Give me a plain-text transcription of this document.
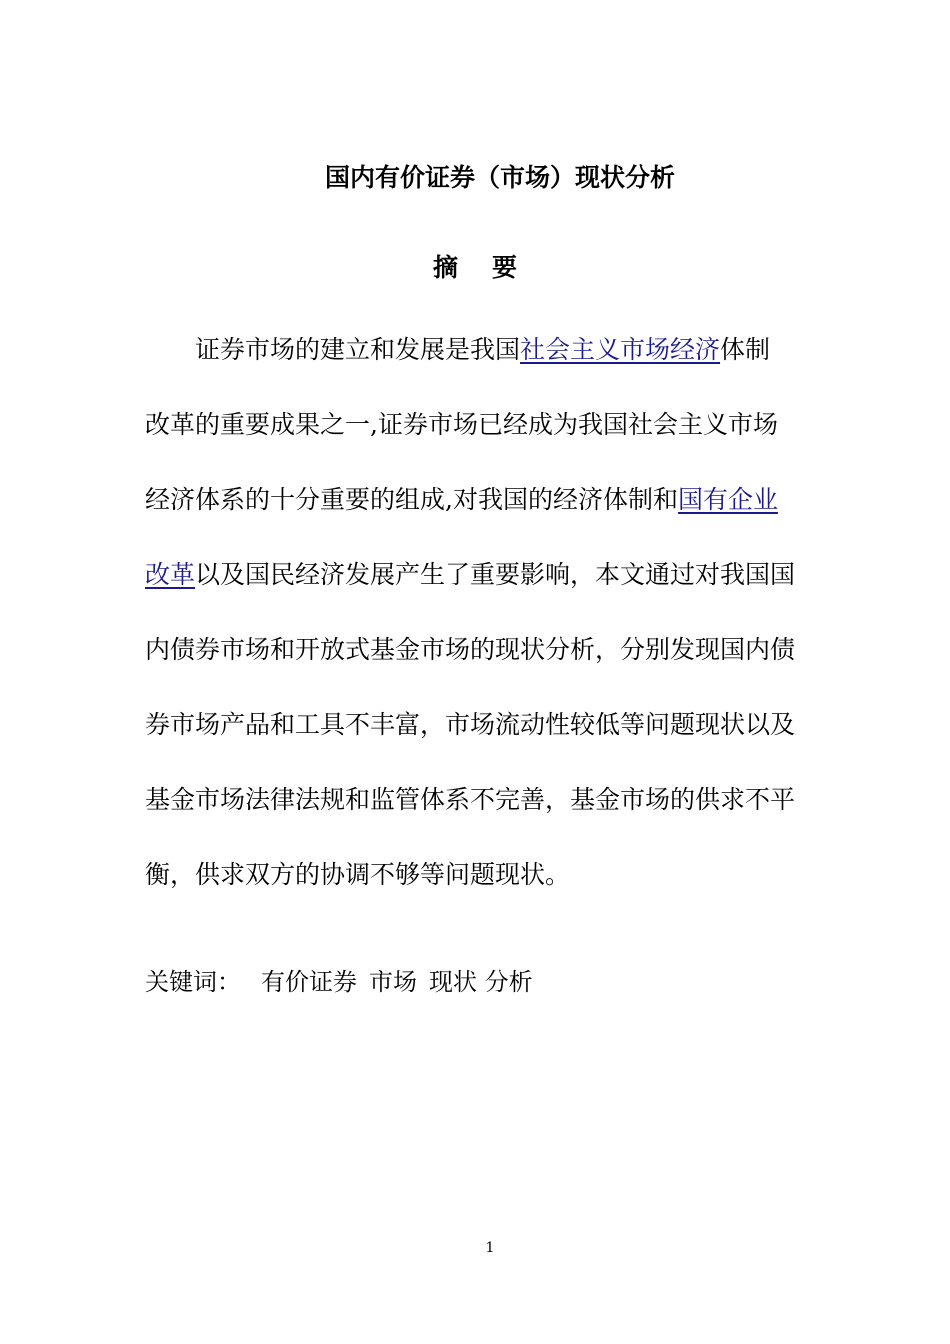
国内有价证券（市场）现状分析
摘 要
证券市场的建立和发展是我国社会主义市场经济体制
改革的重要成果之一,证券市场已经成为我国社会主义市场
经济体系的十分重要的组成,对我国的经济体制和国有企业
改革以及国民经济发展产生了重要影响，本文通过对我国国
内债券市场和开放式基金市场的现状分析，分别发现国内债
券市场产品和工具不丰富，市场流动性较低等问题现状以及
基金市场法律法规和监管体系不完善，基金市场的供求不平
衡，供求双方的协调不够等问题现状。
关键词： 有价证券 市场 现状 分析
1
